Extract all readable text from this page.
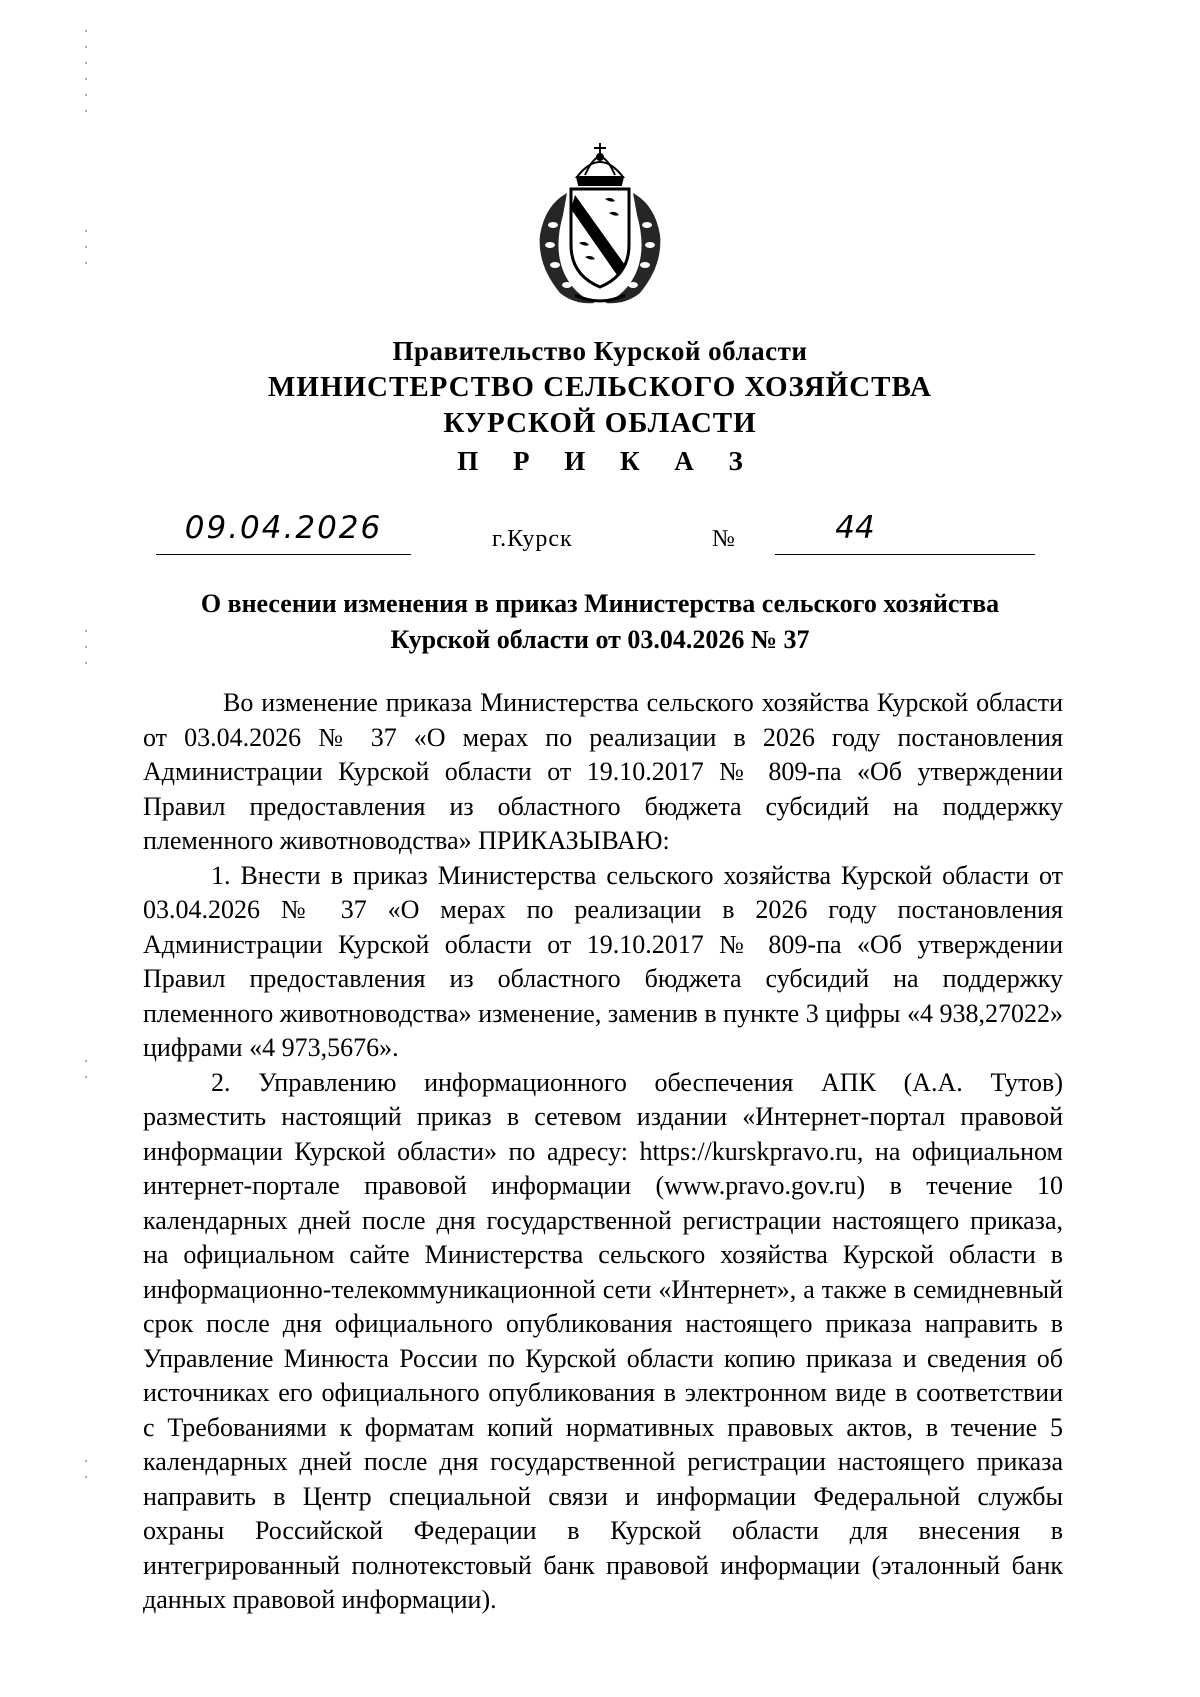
Правительство Курской области
МИНИСТЕРСТВО СЕЛЬСКОГО ХОЗЯЙСТВА
КУРСКОЙ ОБЛАСТИ
П Р И К А З
09.04.2026	г.Курск	№	44
О внесении изменения в приказ Министерства сельского хозяйства
Курской области от 03.04.2026 № 37

Во изменение приказа Министерства сельского хозяйства Курской области от 03.04.2026 № 37 «О мерах по реализации в 2026 году постановления Администрации Курской области от 19.10.2017 № 809-па «Об утверждении Правил предоставления из областного бюджета субсидий на поддержку племенного животноводства» ПРИКАЗЫВАЮ:

1. Внести в приказ Министерства сельского хозяйства Курской области от 03.04.2026 № 37 «О мерах по реализации в 2026 году постановления Администрации Курской области от 19.10.2017 № 809-па «Об утверждении Правил предоставления из областного бюджета субсидий на поддержку племенного животноводства» изменение, заменив в пункте 3 цифры «4 938,27022» цифрами «4 973,5676».

2. Управлению информационного обеспечения АПК (А.А. Тутов) разместить настоящий приказ в сетевом издании «Интернет-портал правовой информации Курской области» по адресу: https://kurskpravo.ru, на официальном интернет-портале правовой информации (www.pravo.gov.ru) в течение 10 календарных дней после дня государственной регистрации настоящего приказа, на официальном сайте Министерства сельского хозяйства Курской области в информационно-телекоммуникационной сети «Интернет», а также в семидневный срок после дня официального опубликования настоящего приказа направить в Управление Минюста России по Курской области копию приказа и сведения об источниках его официального опубликования в электронном виде в соответствии с Требованиями к форматам копий нормативных правовых актов, в течение 5 календарных дней после дня государственной регистрации настоящего приказа направить в Центр специальной связи и информации Федеральной службы охраны Российской Федерации в Курской области для внесения в интегрированный полнотекстовый банк правовой информации (эталонный банк данных правовой информации).
